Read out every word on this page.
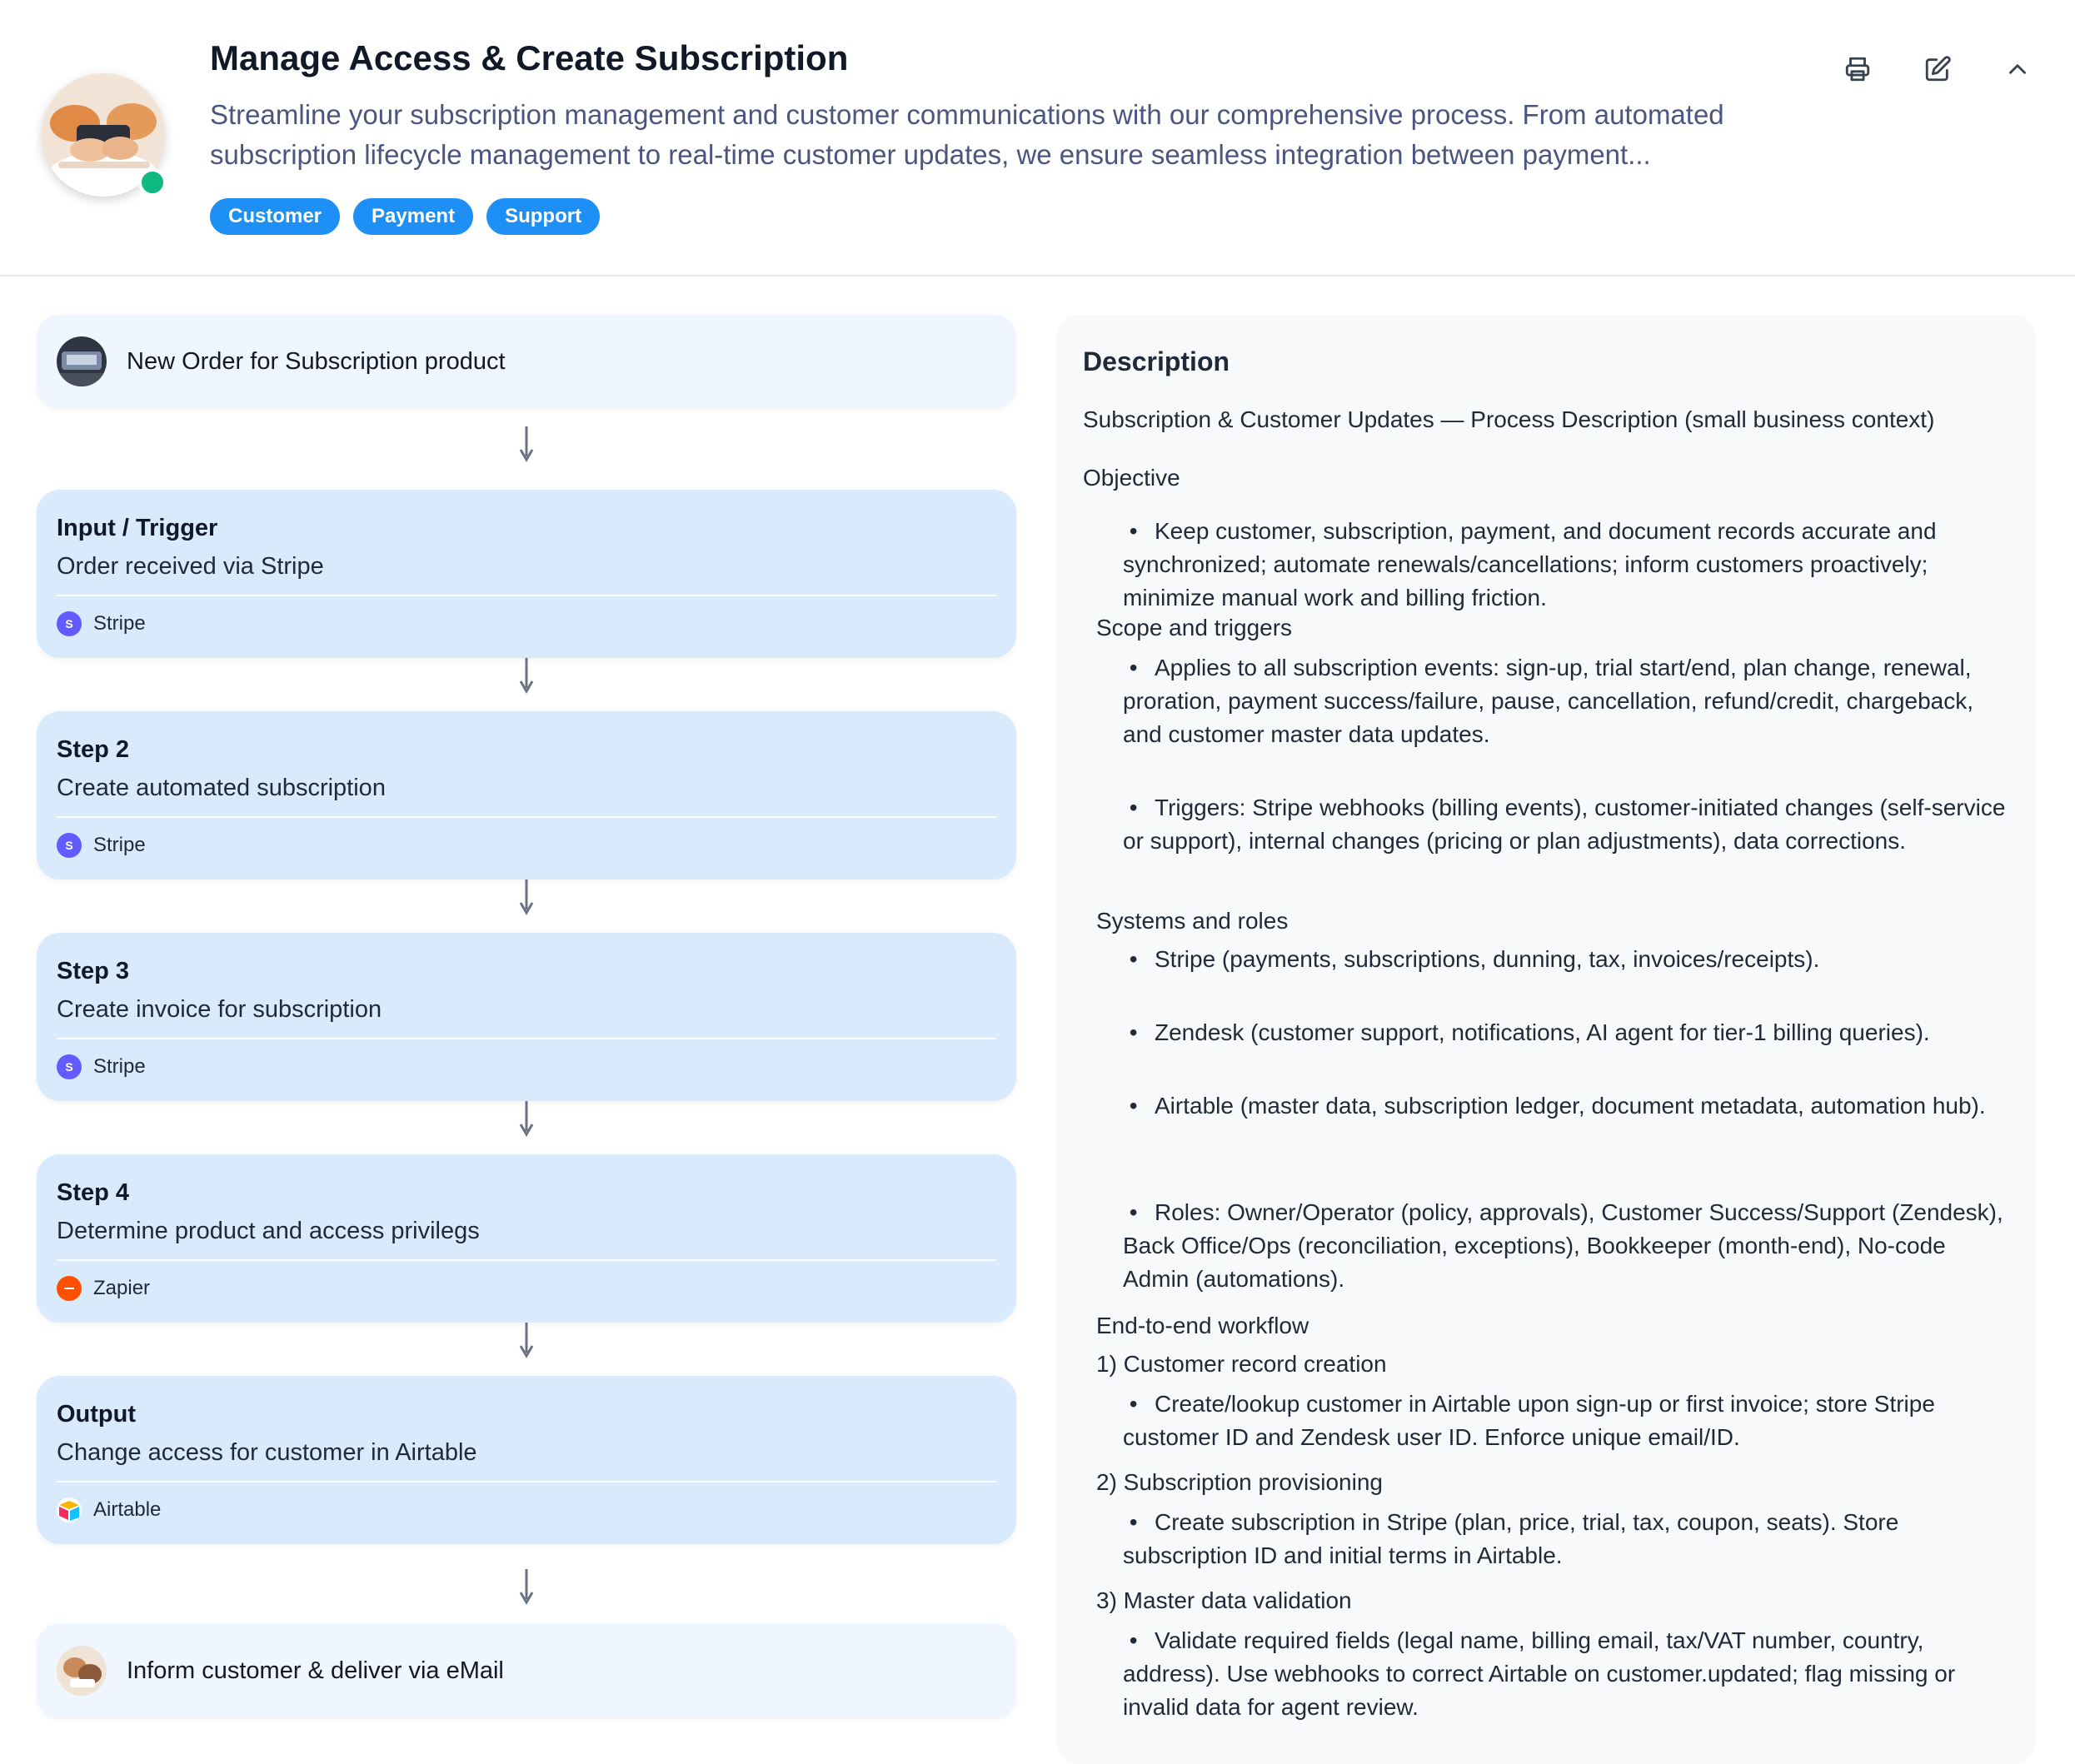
Manage Access & Create Subscription

Streamline your subscription management and customer communications with our comprehensive process. From automated subscription lifecycle management to real-time customer updates, we ensure seamless integration between payment...

Customer	Payment	Support
New Order for Subscription product
Input / Trigger
Order received via Stripe
S Stripe
Step 2
Create automated subscription
S Stripe
Step 3
Create invoice for subscription
S Stripe
Step 4
Determine product and access privilegs
Zapier
Output
Change access for customer in Airtable
Airtable
Inform customer & deliver via eMail
Description
Subscription & Customer Updates — Process Description (small business context)
Objective
• Keep customer, subscription, payment, and document records accurate and synchronized; automate renewals/cancellations; inform customers proactively; minimize manual work and billing friction.
Scope and triggers
• Applies to all subscription events: sign-up, trial start/end, plan change, renewal, proration, payment success/failure, pause, cancellation, refund/credit, chargeback, and customer master data updates.
• Triggers: Stripe webhooks (billing events), customer-initiated changes (self-service or support), internal changes (pricing or plan adjustments), data corrections.
Systems and roles
• Stripe (payments, subscriptions, dunning, tax, invoices/receipts).
• Zendesk (customer support, notifications, AI agent for tier-1 billing queries).
• Airtable (master data, subscription ledger, document metadata, automation hub).
• Roles: Owner/Operator (policy, approvals), Customer Success/Support (Zendesk), Back Office/Ops (reconciliation, exceptions), Bookkeeper (month-end), No-code Admin (automations).
End-to-end workflow
1) Customer record creation
• Create/lookup customer in Airtable upon sign-up or first invoice; store Stripe customer ID and Zendesk user ID. Enforce unique email/ID.
2) Subscription provisioning
• Create subscription in Stripe (plan, price, trial, tax, coupon, seats). Store subscription ID and initial terms in Airtable.
3) Master data validation
• Validate required fields (legal name, billing email, tax/VAT number, country, address). Use webhooks to correct Airtable on customer.updated; flag missing or invalid data for agent review.
